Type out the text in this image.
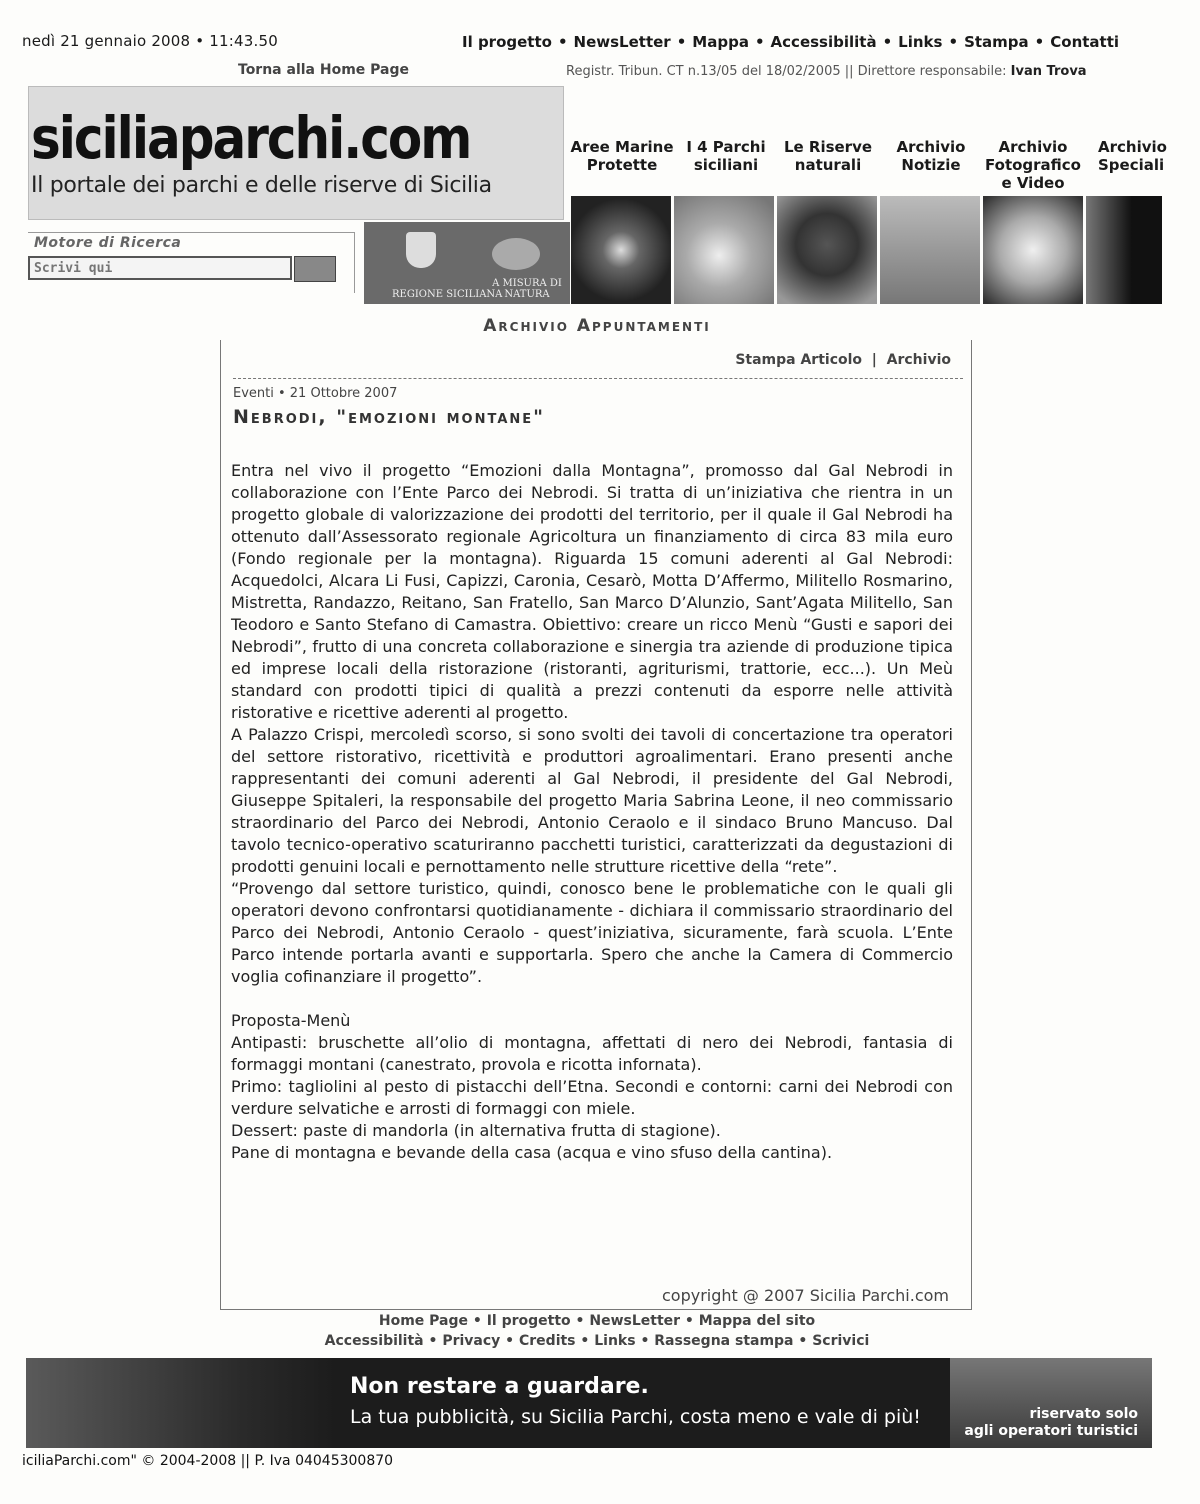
nedì 21 gennaio 2008 • 11:43.50	Il progetto • NewsLetter • Mappa • Accessibilità • Links • Stampa • Contatti
Torna alla Home Page	Registr. Tribun. CT n.13/05 del 18/02/2005 || Direttore responsabile: Ivan Trova
siciliaparchi.com
Il portale dei parchi e delle riserve di Sicilia
Motore di Ricerca
Scrivi qui
REGIONE SICILIANA
A MISURA DI NATURA
Aree Marine Protette
I 4 Parchi siciliani
Le Riserve naturali
Archivio Notizie
Archivio Fotografico e Video
Archivio Speciali
Archivio Appuntamenti
Stampa Articolo  |  Archivio
Eventi • 21 Ottobre 2007
Nebrodi, "emozioni montane"

Entra nel vivo il progetto “Emozioni dalla Montagna”, promosso dal Gal Nebrodi in collaborazione con l’Ente Parco dei Nebrodi. Si tratta di un’iniziativa che rientra in un progetto globale di valorizzazione dei prodotti del territorio, per il quale il Gal Nebrodi ha ottenuto dall’Assessorato regionale Agricoltura un finanziamento di circa 83 mila euro (Fondo regionale per la montagna). Riguarda 15 comuni aderenti al Gal Nebrodi: Acquedolci, Alcara Li Fusi, Capizzi, Caronia, Cesarò, Motta D’Affermo, Militello Rosmarino, Mistretta, Randazzo, Reitano, San Fratello, San Marco D’Alunzio, Sant’Agata Militello, San Teodoro e Santo Stefano di Camastra. Obiettivo: creare un ricco Menù “Gusti e sapori dei Nebrodi”, frutto di una concreta collaborazione e sinergia tra aziende di produzione tipica ed imprese locali della ristorazione (ristoranti, agriturismi, trattorie, ecc...). Un Meù standard con prodotti tipici di qualità a prezzi contenuti da esporre nelle attività ristorative e ricettive aderenti al progetto.

A Palazzo Crispi, mercoledì scorso, si sono svolti dei tavoli di concertazione tra operatori del settore ristorativo, ricettività e produttori agroalimentari. Erano presenti anche rappresentanti dei comuni aderenti al Gal Nebrodi, il presidente del Gal Nebrodi, Giuseppe Spitaleri, la responsabile del progetto Maria Sabrina Leone, il neo commissario straordinario del Parco dei Nebrodi, Antonio Ceraolo e il sindaco Bruno Mancuso. Dal tavolo tecnico-operativo scaturiranno pacchetti turistici, caratterizzati da degustazioni di prodotti genuini locali e pernottamento nelle strutture ricettive della “rete”.

“Provengo dal settore turistico, quindi, conosco bene le problematiche con le quali gli operatori devono confrontarsi quotidianamente - dichiara il commissario straordinario del Parco dei Nebrodi, Antonio Ceraolo - quest’iniziativa, sicuramente, farà scuola. L’Ente Parco intende portarla avanti e supportarla. Spero che anche la Camera di Commercio voglia cofinanziare il progetto”.

Proposta-Menù

Antipasti: bruschette all’olio di montagna, affettati di nero dei Nebrodi, fantasia di formaggi montani (canestrato, provola e ricotta infornata).

Primo: tagliolini al pesto di pistacchi dell’Etna. Secondi e contorni: carni dei Nebrodi con verdure selvatiche e arrosti di formaggi con miele.

Dessert: paste di mandorla (in alternativa frutta di stagione).

Pane di montagna e bevande della casa (acqua e vino sfuso della cantina).

copyright @ 2007 Sicilia Parchi.com
Home Page • Il progetto • NewsLetter • Mappa del sito
Accessibilità • Privacy • Credits • Links • Rassegna stampa • Scrivici
Non restare a guardare.
La tua pubblicità, su Sicilia Parchi, costa meno e vale di più!	riservato solo
agli operatori turistici
iciliaParchi.com" © 2004-2008 || P. Iva 04045300870
